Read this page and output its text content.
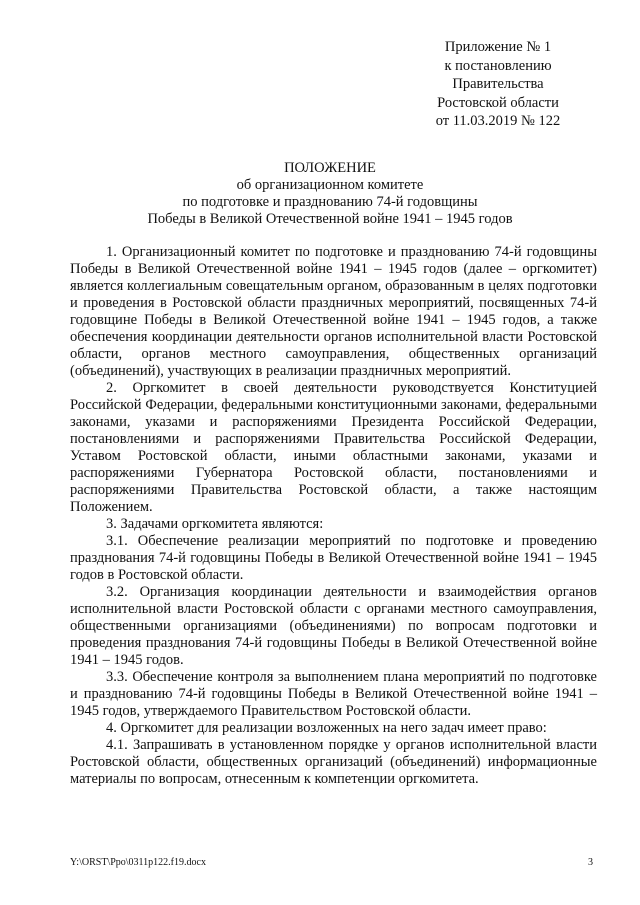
Приложение № 1
к постановлению
Правительства
Ростовской области
от 11.03.2019 № 122
ПОЛОЖЕНИЕ
об организационном комитете
по подготовке и празднованию 74-й годовщины
Победы в Великой Отечественной войне 1941 – 1945 годов

1. Организационный комитет по подготовке и празднованию 74-й годовщины Победы в Великой Отечественной войне 1941 – 1945 годов (далее – оргкомитет) является коллегиальным совещательным органом, образованным в целях подготовки и проведения в Ростовской области праздничных мероприятий, посвященных 74-й годовщине Победы в Великой Отечественной войне 1941 – 1945 годов, а также обеспечения координации деятельности органов исполнительной власти Ростовской области, органов местного самоуправления, общественных организаций (объединений), участвующих в реализации праздничных мероприятий.

2. Оргкомитет в своей деятельности руководствуется Конституцией Российской Федерации, федеральными конституционными законами, федеральными законами, указами и распоряжениями Президента Российской Федерации, постановлениями и распоряжениями Правительства Российской Федерации, Уставом Ростовской области, иными областными законами, указами и распоряжениями Губернатора Ростовской области, постановлениями и распоряжениями Правительства Ростовской области, а также настоящим Положением.

3. Задачами оргкомитета являются:

3.1. Обеспечение реализации мероприятий по подготовке и проведению празднования 74-й годовщины Победы в Великой Отечественной войне 1941 – 1945 годов в Ростовской области.

3.2. Организация координации деятельности и взаимодействия органов исполнительной власти Ростовской области с органами местного самоуправления, общественными организациями (объединениями) по вопросам подготовки и проведения празднования 74-й годовщины Победы в Великой Отечественной войне 1941 – 1945 годов.

3.3. Обеспечение контроля за выполнением плана мероприятий по подготовке и празднованию 74-й годовщины Победы в Великой Отечественной войне 1941 – 1945 годов, утверждаемого Правительством Ростовской области.

4. Оргкомитет для реализации возложенных на него задач имеет право:

4.1. Запрашивать в установленном порядке у органов исполнительной власти Ростовской области, общественных организаций (объединений) информационные материалы по вопросам, отнесенным к компетенции оргкомитета.

Y:\ORST\Ppo\0311p122.f19.docx	3
